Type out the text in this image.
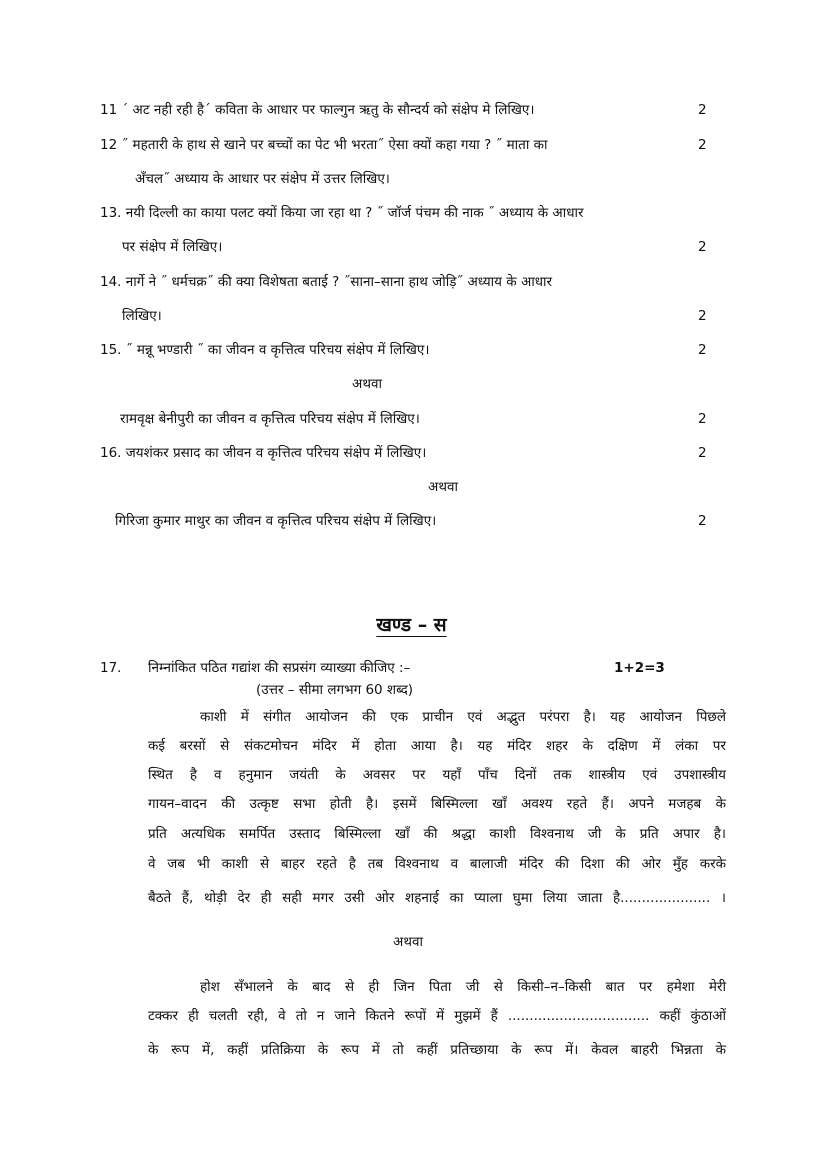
11 ´ अट नही रही है´ कविता के आधार पर फाल्गुन ऋतु के सौन्दर्य को संक्षेप मे लिखिए।	2
12 ˝ महतारी के हाथ से खाने पर बच्चों का पेट भी भरता˝ ऐसा क्यों कहा गया ? ˝ माता का	2
अँचल˝ अध्याय के आधार पर संक्षेप में उत्तर लिखिए।
13. नयी दिल्ली का काया पलट क्यों किया जा रहा था ? ˝ जॉर्ज पंचम की नाक ˝ अध्याय के आधार
पर संक्षेप में लिखिए।	2
14. नार्गे ने ˝ धर्मचक्र˝ की क्या विशेषता बताई ? ˝साना–साना हाथ जोड़ि˝ अध्याय के आधार
लिखिए।	2
15. ˝ मन्नू भण्डारी ˝ का जीवन व कृत्तित्व परिचय संक्षेप में लिखिए।	2
अथवा
रामवृक्ष बेनीपुरी का जीवन व कृत्तित्व परिचय संक्षेप में लिखिए।	2
16. जयशंकर प्रसाद का जीवन व कृत्तित्व परिचय संक्षेप में लिखिए।	2
अथवा
गिरिजा कुमार माथुर का जीवन व कृत्तित्व परिचय संक्षेप में लिखिए।	2
खण्ड – स
17. निम्नांकित पठित गद्यांश की सप्रसंग व्याख्या कीजिए :–	1+2=3
(उत्तर – सीमा लगभग 60 शब्द)
काशी में संगीत आयोजन की एक प्राचीन एवं अद्भुत परंपरा है। यह आयोजन पिछले
कई बरसों से संकटमोचन मंदिर में होता आया है। यह मंदिर शहर के दक्षिण में लंका पर
स्थित है व हनुमान जयंती के अवसर पर यहाँ पाँच दिनों तक शास्त्रीय एवं उपशास्त्रीय
गायन–वादन की उत्कृष्ट सभा होती है। इसमें बिस्मिल्ला खाँ अवश्य रहते हैं। अपने मजहब के
प्रति अत्यधिक समर्पित उस्ताद बिस्मिल्ला खाँ की श्रद्धा काशी विश्वनाथ जी के प्रति अपार है।
वे जब भी काशी से बाहर रहते है तब विश्वनाथ व बालाजी मंदिर की दिशा की ओर मुँह करके
बैठते हैं, थोड़ी देर ही सही मगर उसी ओर शहनाई का प्याला घुमा लिया जाता है..................... ।
अथवा
होश सँभालने के बाद से ही जिन पिता जी से किसी–न–किसी बात पर हमेशा मेरी
टक्कर ही चलती रही, वे तो न जाने कितने रूपों में मुझमें हैं ................................. कहीं कुंठाओं
के रूप में, कहीं प्रतिक्रिया के रूप में तो कहीं प्रतिच्छाया के रूप में। केवल बाहरी भिन्नता के
